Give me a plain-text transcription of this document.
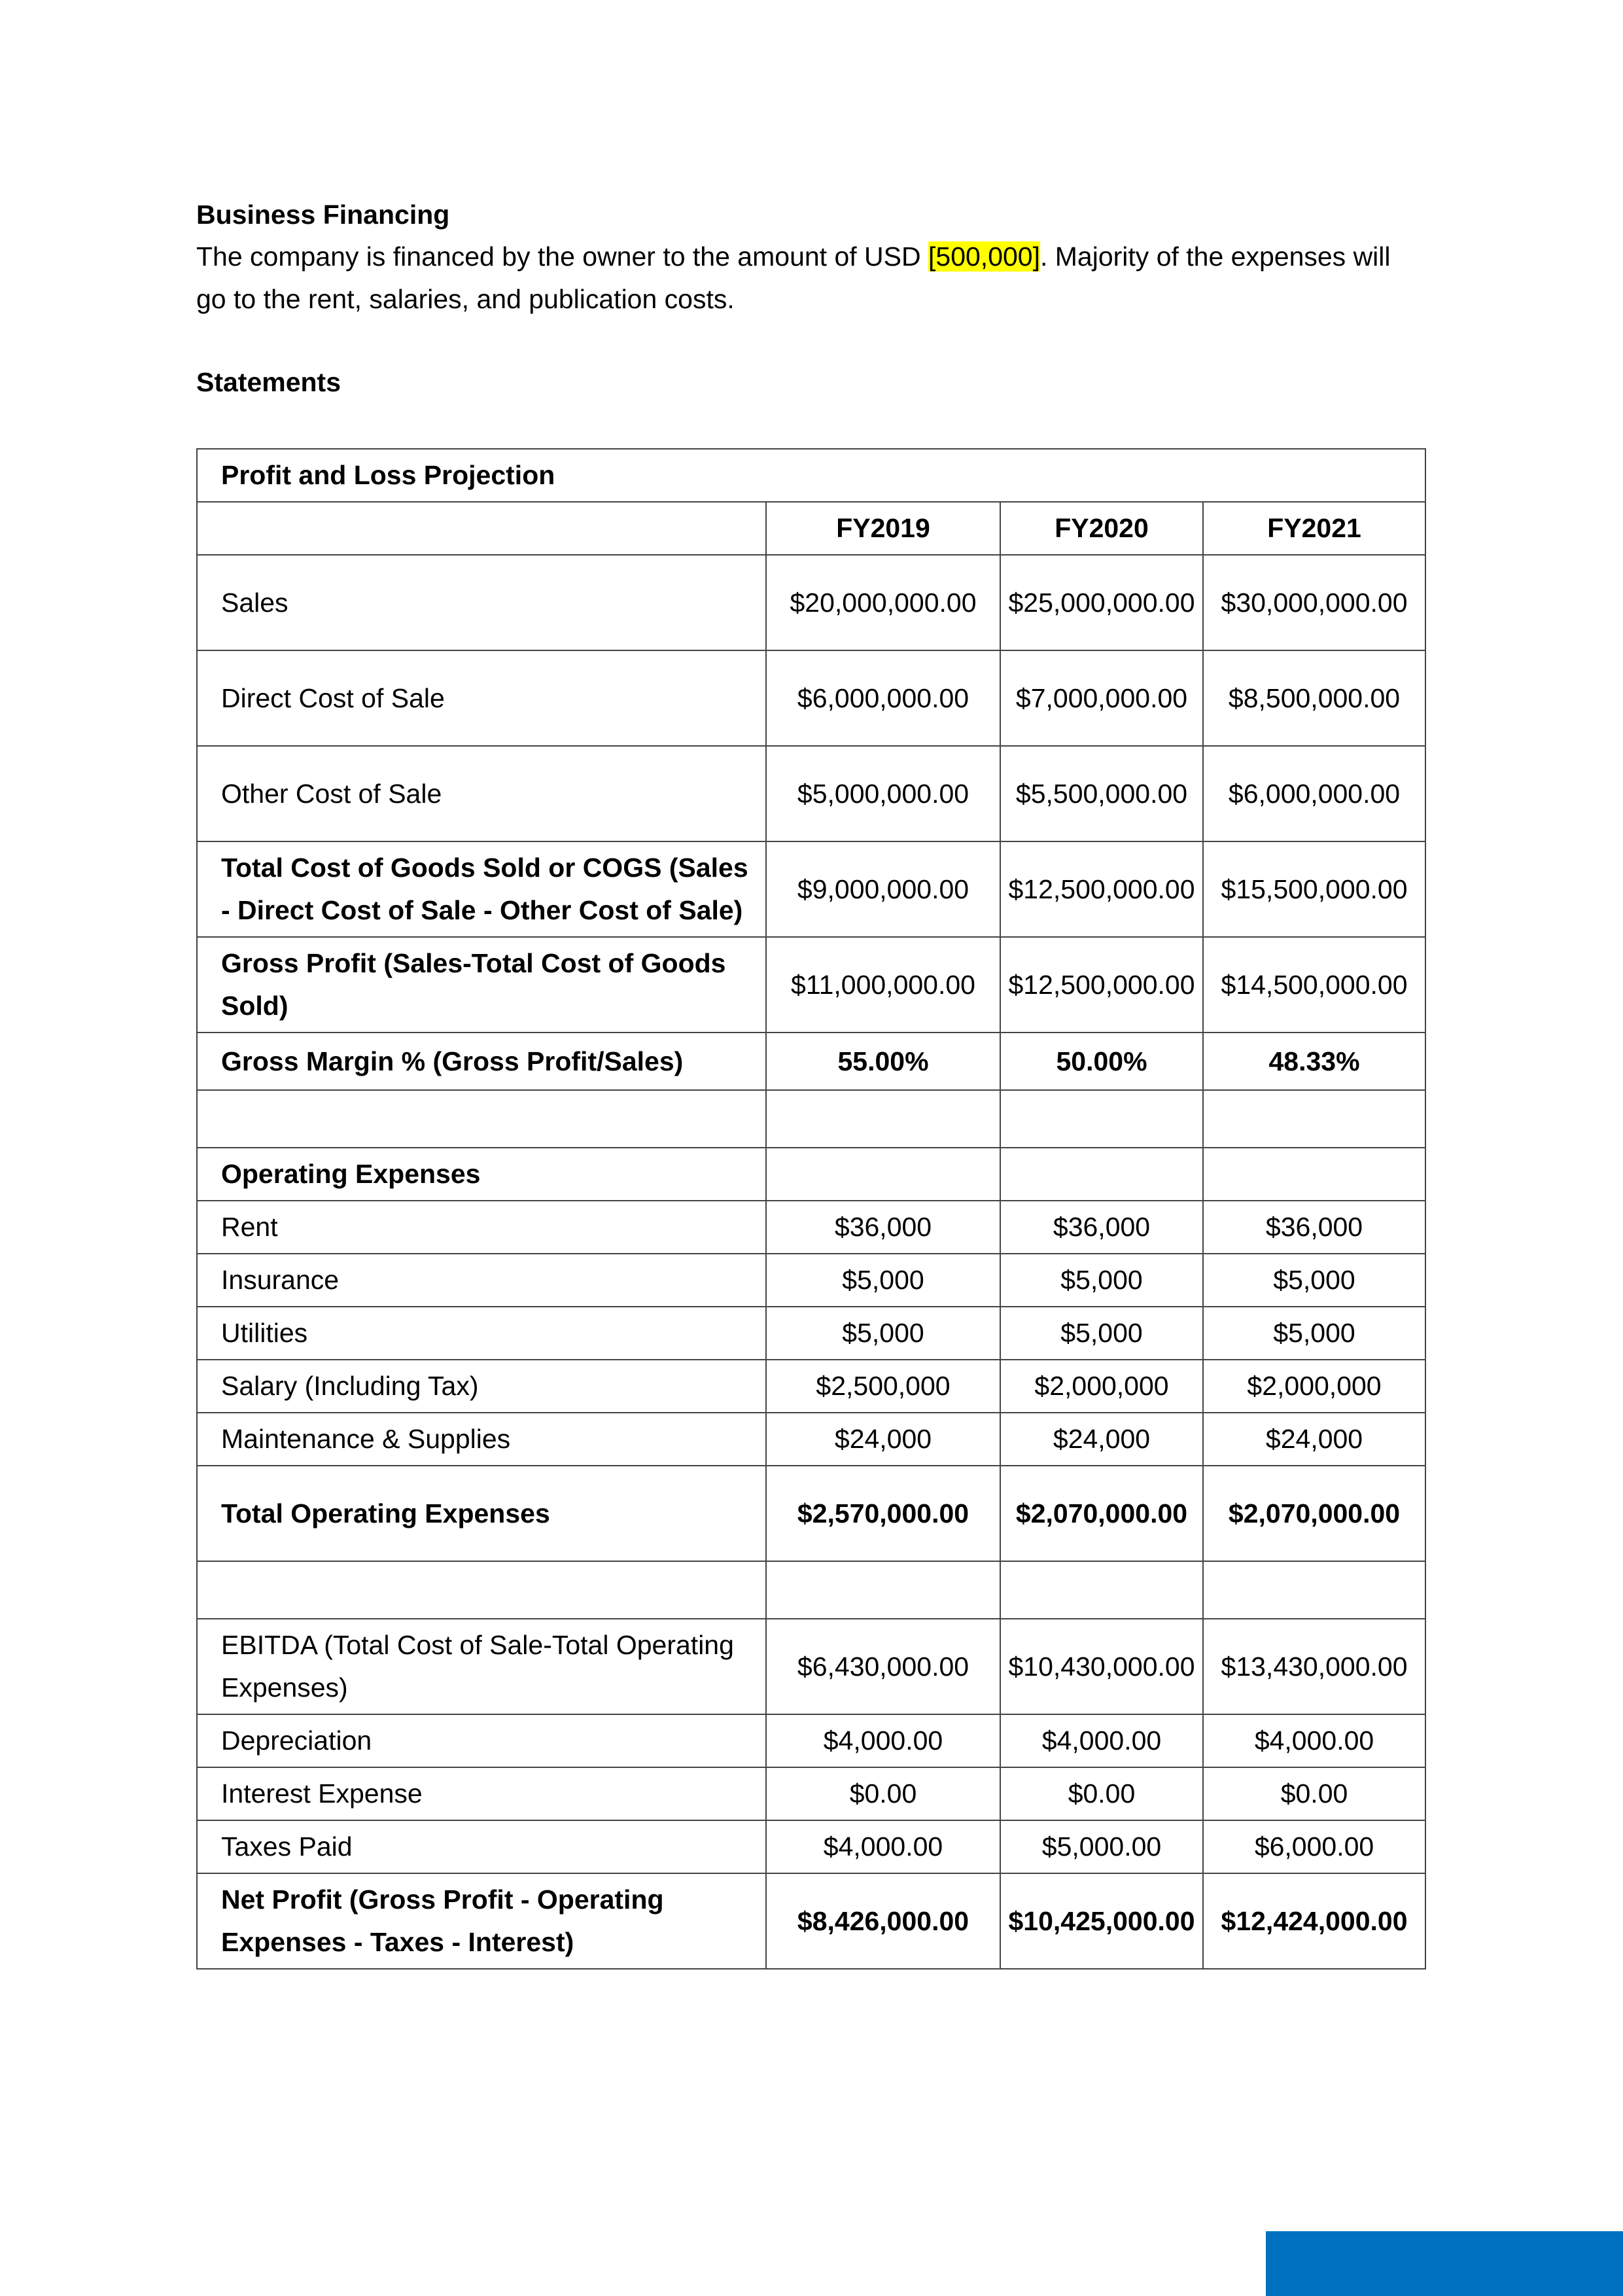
Business Financing
The company is financed by the owner to the amount of USD [500,000]. Majority of the expenses will
go to the rent, salaries, and publication costs.
Statements
Profit and Loss Projection			
	FY2019	FY2020	FY2021
Sales	$20,000,000.00	$25,000,000.00	$30,000,000.00
Direct Cost of Sale	$6,000,000.00	$7,000,000.00	$8,500,000.00
Other Cost of Sale	$5,000,000.00	$5,500,000.00	$6,000,000.00
Total Cost of Goods Sold or COGS (Sales - Direct Cost of Sale - Other Cost of Sale)	$9,000,000.00	$12,500,000.00	$15,500,000.00
Gross Profit (Sales-Total Cost of Goods Sold)	$11,000,000.00	$12,500,000.00	$14,500,000.00
Gross Margin % (Gross Profit/Sales)	55.00%	50.00%	48.33%

Operating Expenses			
Rent	$36,000	$36,000	$36,000
Insurance	$5,000	$5,000	$5,000
Utilities	$5,000	$5,000	$5,000
Salary (Including Tax)	$2,500,000	$2,000,000	$2,000,000
Maintenance & Supplies	$24,000	$24,000	$24,000
Total Operating Expenses	$2,570,000.00	$2,070,000.00	$2,070,000.00

EBITDA (Total Cost of Sale-Total Operating Expenses)	$6,430,000.00	$10,430,000.00	$13,430,000.00
Depreciation	$4,000.00	$4,000.00	$4,000.00
Interest Expense	$0.00	$0.00	$0.00
Taxes Paid	$4,000.00	$5,000.00	$6,000.00
Net Profit (Gross Profit - Operating Expenses - Taxes - Interest)	$8,426,000.00	$10,425,000.00	$12,424,000.00
